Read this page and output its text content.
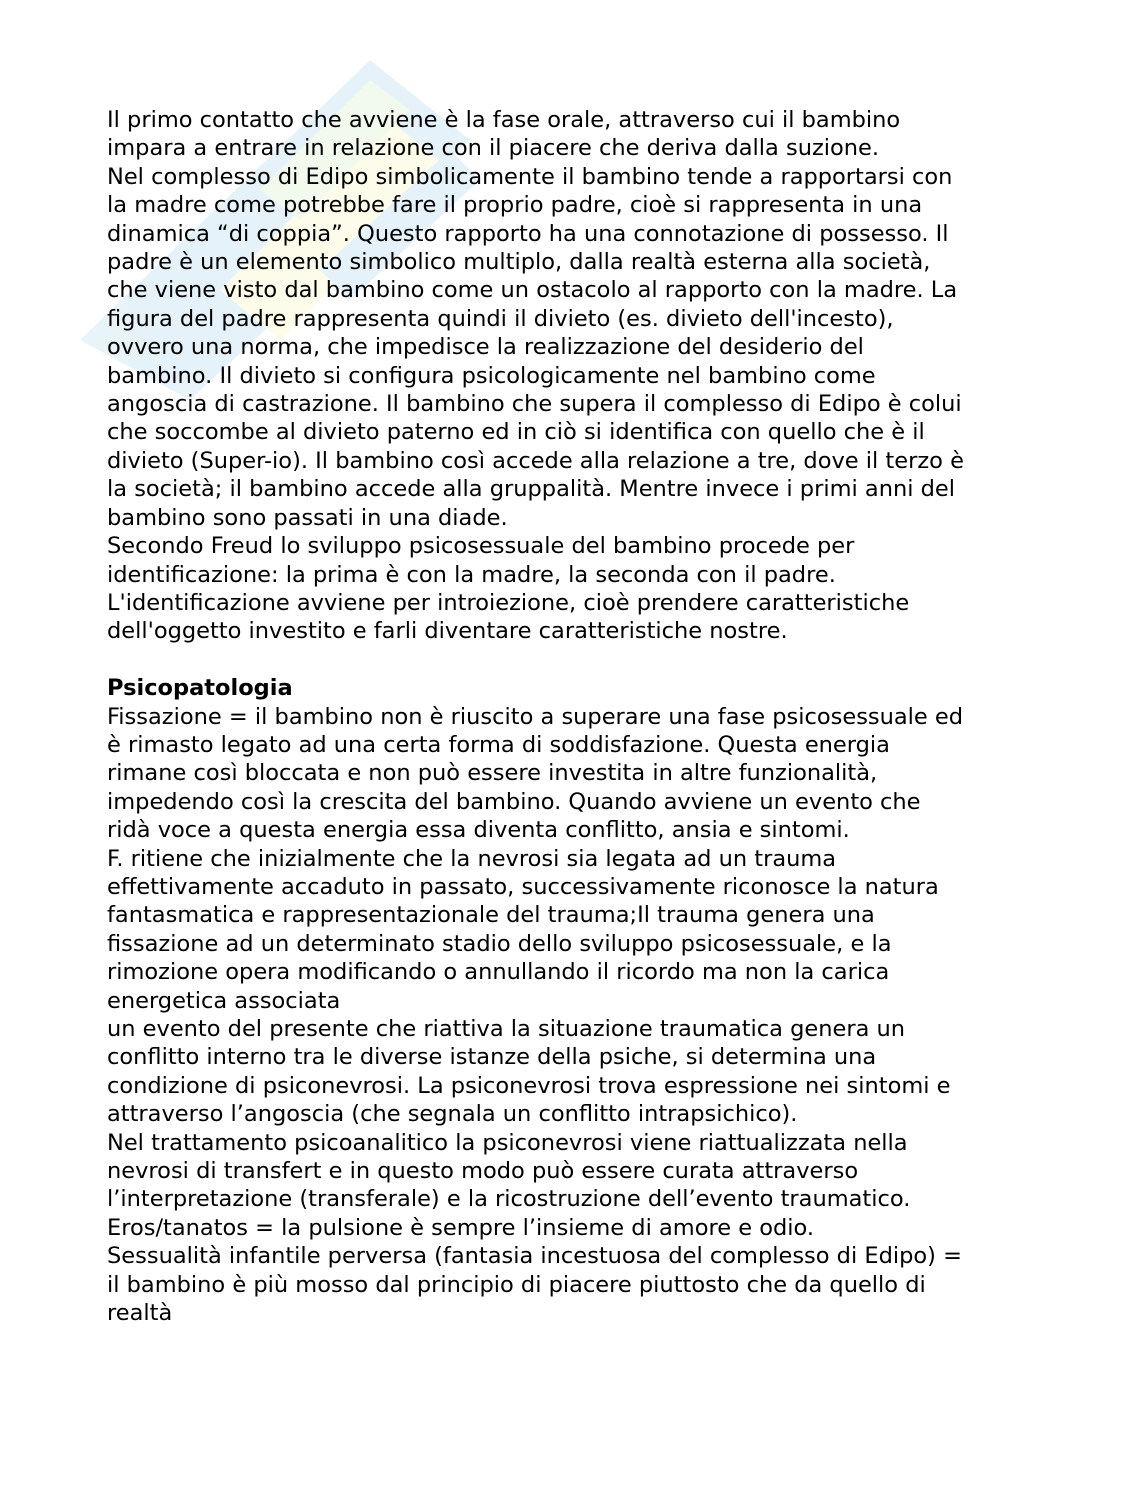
Il primo contatto che avviene è la fase orale, attraverso cui il bambino
impara a entrare in relazione con il piacere che deriva dalla suzione.
Nel complesso di Edipo simbolicamente il bambino tende a rapportarsi con
la madre come potrebbe fare il proprio padre, cioè si rappresenta in una
dinamica “di coppia”. Questo rapporto ha una connotazione di possesso. Il
padre è un elemento simbolico multiplo, dalla realtà esterna alla società,
che viene visto dal bambino come un ostacolo al rapporto con la madre. La
figura del padre rappresenta quindi il divieto (es. divieto dell'incesto),
ovvero una norma, che impedisce la realizzazione del desiderio del
bambino. Il divieto si configura psicologicamente nel bambino come
angoscia di castrazione. Il bambino che supera il complesso di Edipo è colui
che soccombe al divieto paterno ed in ciò si identifica con quello che è il
divieto (Super-io). Il bambino così accede alla relazione a tre, dove il terzo è
la società; il bambino accede alla gruppalità. Mentre invece i primi anni del
bambino sono passati in una diade.
Secondo Freud lo sviluppo psicosessuale del bambino procede per
identificazione: la prima è con la madre, la seconda con il padre.
L'identificazione avviene per introiezione, cioè prendere caratteristiche
dell'oggetto investito e farli diventare caratteristiche nostre.
Psicopatologia
Fissazione = il bambino non è riuscito a superare una fase psicosessuale ed
è rimasto legato ad una certa forma di soddisfazione. Questa energia
rimane così bloccata e non può essere investita in altre funzionalità,
impedendo così la crescita del bambino. Quando avviene un evento che
ridà voce a questa energia essa diventa conflitto, ansia e sintomi.
F. ritiene che inizialmente che la nevrosi sia legata ad un trauma
effettivamente accaduto in passato, successivamente riconosce la natura
fantasmatica e rappresentazionale del trauma;Il trauma genera una
fissazione ad un determinato stadio dello sviluppo psicosessuale, e la
rimozione opera modificando o annullando il ricordo ma non la carica
energetica associata
un evento del presente che riattiva la situazione traumatica genera un
conflitto interno tra le diverse istanze della psiche, si determina una
condizione di psiconevrosi. La psiconevrosi trova espressione nei sintomi e
attraverso l’angoscia (che segnala un conflitto intrapsichico).
Nel trattamento psicoanalitico la psiconevrosi viene riattualizzata nella
nevrosi di transfert e in questo modo può essere curata attraverso
l’interpretazione (transferale) e la ricostruzione dell’evento traumatico.
Eros/tanatos = la pulsione è sempre l’insieme di amore e odio.
Sessualità infantile perversa (fantasia incestuosa del complesso di Edipo) =
il bambino è più mosso dal principio di piacere piuttosto che da quello di
realtà
